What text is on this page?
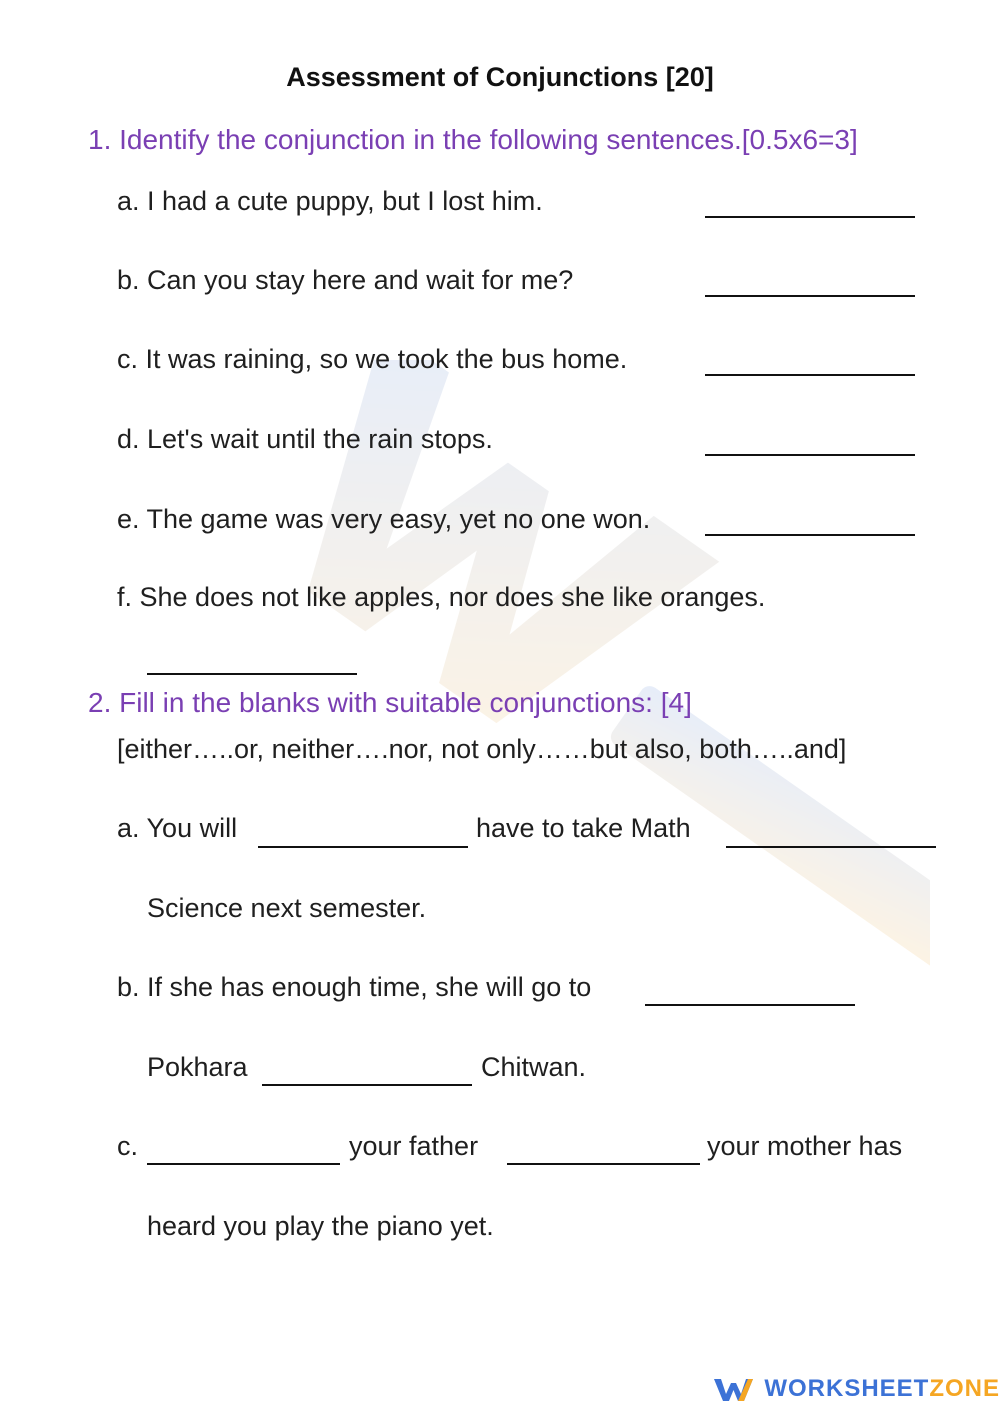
Assessment of Conjunctions [20]
1. Identify the conjunction in the following sentences.[0.5x6=3]
a. I had a cute puppy, but I lost him.
b. Can you stay here and wait for me?
c. It was raining, so we took the bus home.
d. Let's wait until the rain stops.
e. The game was very easy, yet no one won.
f. She does not like apples, nor does she like oranges.
2. Fill in the blanks with suitable conjunctions: [4]
[either…..or, neither….nor, not only……but also, both…..and]
a. You will	have to take Math
Science next semester.
b. If she has enough time, she will go to
Pokhara	Chitwan.
c.	your father	your mother has
heard you play the piano yet.
WORKSHEETZONE
